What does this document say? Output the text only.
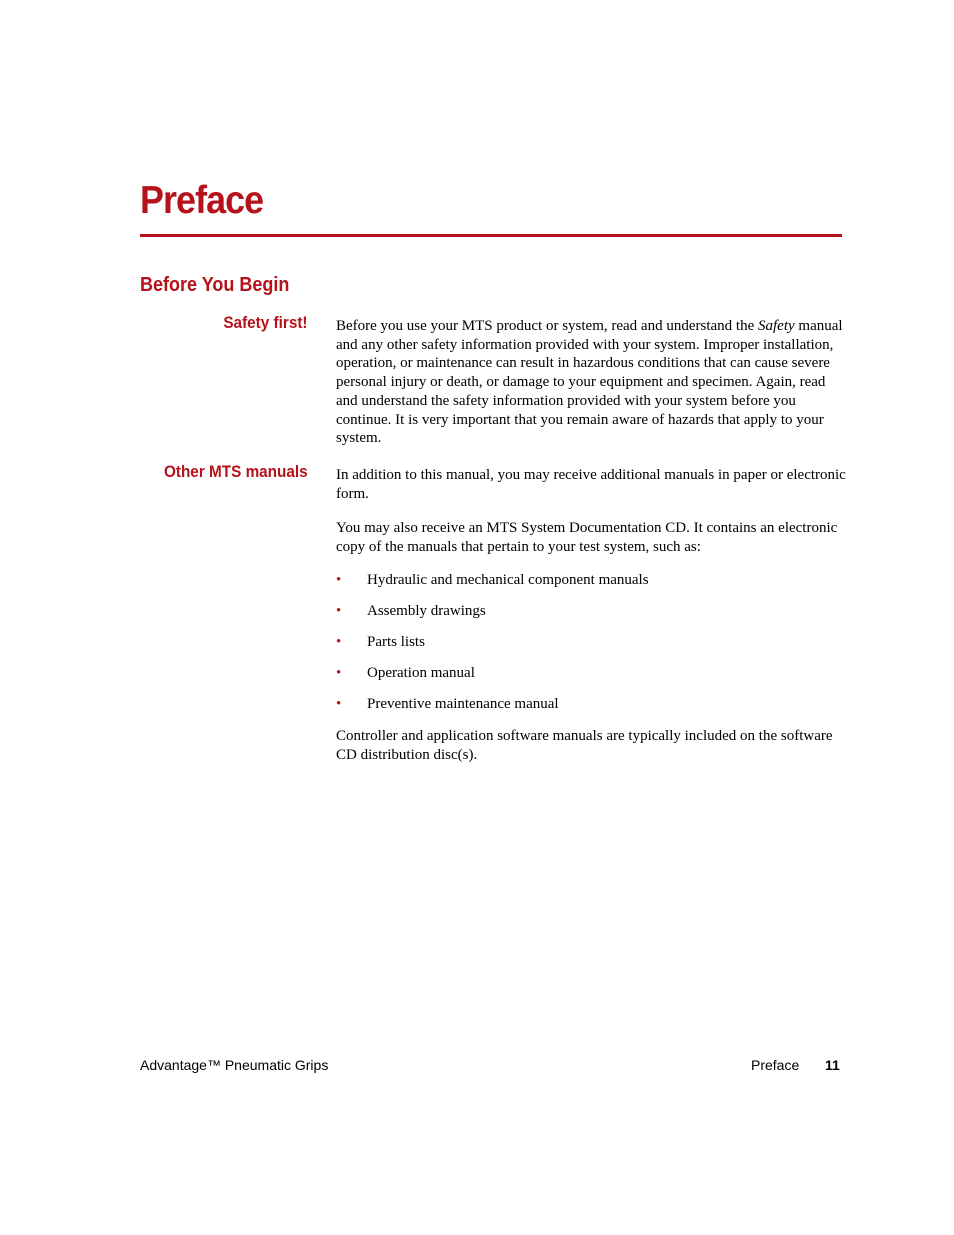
Preface
Before You Begin
Safety first! Before you use your MTS product or system, read and understand the Safety manual and any other safety information provided with your system. Improper installation, operation, or maintenance can result in hazardous conditions that can cause severe personal injury or death, or damage to your equipment and specimen. Again, read and understand the safety information provided with your system before you continue. It is very important that you remain aware of hazards that apply to your system.

Other MTS manuals In addition to this manual, you may receive additional manuals in paper or electronic form.

You may also receive an MTS System Documentation CD. It contains an electronic copy of the manuals that pertain to your test system, such as:

• Hydraulic and mechanical component manuals
• Assembly drawings
• Parts lists
• Operation manual
• Preventive maintenance manual

Controller and application software manuals are typically included on the software CD distribution disc(s).

Advantage™ Pneumatic Grips	Preface 11
